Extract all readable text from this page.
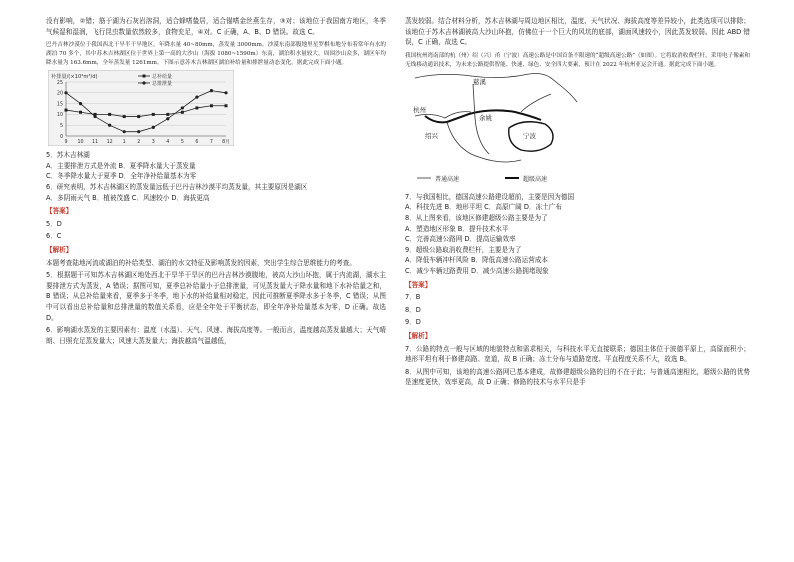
没有影响，②错；筋于湖为石灰岩溶洞，适合蜂嗜蛰居，适合锚嗜金丝燕生存，③对；该地位于我国南方地区，冬季气候湿和湿润，飞行昆虫数量依然较多，食物充足，④对。C 正确，A、B、D 错误。故选 C。

巴丹吉林沙漠位于我国西北干旱半干旱地区，年降水量 40~80mm，蒸发量 3000mm。沙漠东南部腹地里星罗棋布地分布着常年有水的湖泊 70 多个，其中苏木吉林湖区位于世界上第一高的大沙山（海拔 1080~1590m）东南，湖泊积水量较大，周围沙山众多，湖区年均降水量为 163.6mm，全年蒸发量 1261mm。下图示意苏木吉林湖区湖泊补给量和排泄量动态变化。据此完成下面小题。

0
5
10
15
20
25
9 10 11 12 1 2 3 4 5 6 7 8月
补排量/(×10⁴m³/d)	总补给量
总排泄量

5．苏木吉林湖

A．主要排泄方式是外流 B．夏季降水量大于蒸发量

C．冬季降水量大于夏季 D．全年净补给量基本为零

6．研究表明，苏木吉林湖区的蒸发量远低于巴丹吉林沙漠平均蒸发量，其主要原因是湖区

A．多阴雨天气 B．植被茂盛 C．风速较小 D．海拔更高

【答案】

5．D

6．C

【解析】

本题考查陆地河流或湖泊的补给类型、湖泊的水文特征及影响蒸发的因素，突出学生综合思维能力的考查。

5．根据题干可知苏木吉林湖区地处西北干旱半干旱区的巴丹吉林沙漠腹地，被高大沙山环抱，属于内流湖，湖水主要排泄方式为蒸发，A 错误；据图可知，夏季总补给量小于总排泄量，可见蒸发量大于降水量和地下水补给量之和，B 错误；从总补给量来看，夏季多于冬季，地下水的补给量相对稳定，因此可推断夏季降水多于冬季，C 错误；从图中可以看出总补给量和总排泄量的数值关系看，应是全年处于平衡状态，即全年净补给量基本为零，D 正确。故选 D。

6．影响湖水蒸发的主要因素有：温度（水温）、天气、风速、海拔高度等。一般而言，温度越高蒸发量越大；天气晴朗、日照充足蒸发量大；风速大蒸发量大；海拔越高气温越低，

蒸发较弱。结合材料分析，苏木吉林湖与周边地区相比，温度、天气状况、海拔高度等差异较小，此类选项可以排除；该地位于苏木吉林湖被高大沙山环抱，仿佛位于一个巨大的风坑的底部，湖面风速较小，因此蒸发较弱。因此 ABD 错误，C 正确，故选 C。

我国杭州湾南部的杭（州）绍（兴）甬（宁波）高速公路是中国首条不限速的“超级高速公路”（如图）。它将取消收费栏杆，采用电子像素和无线移动通讯技术，为未来公路提供智能、快速、绿色、安全四大要素，预计在 2022 年杭州亚运会开通。据此完成下面小题。

慈溪
杭州
余姚
宁波
绍兴
普通高速	超级高速

7．与我国相比，德国高速公路建设超前，主要是因为德国

A．科技先进 B．地形平坦 C．高原广阔 D．冻土广布

8．从上图来看，该地区修建超级公路主要是为了

A．塑造地区形象 B．提升技术水平

C．完善高速公路网 D．提高运输效率

9．超级公路取消收费栏杆，主要是为了

A．降低车辆冲杆风险 B．降低高速公路运营成本

C．减少车辆过路费用 D．减少高速公路拥堵现象

【答案】

7．B

8．D

9．D

【解析】

7．公路的特点一般与区域的地貌特点和需求相关，与科技水平无直接联系；德国主体位于波德平原上，高原面积小；地形平坦有利于修建高路、宽道，故 B 正确；冻土分布与道路宽度、平直程度关系不大，故选 B。

8．从图中可知，该地的高速公路网已基本建成，故修建超级公路的目的不在于此；与普通高速相比，超级公路的优势是速度更快，效率更高，故 D 正确；修路的技术与水平只是手
